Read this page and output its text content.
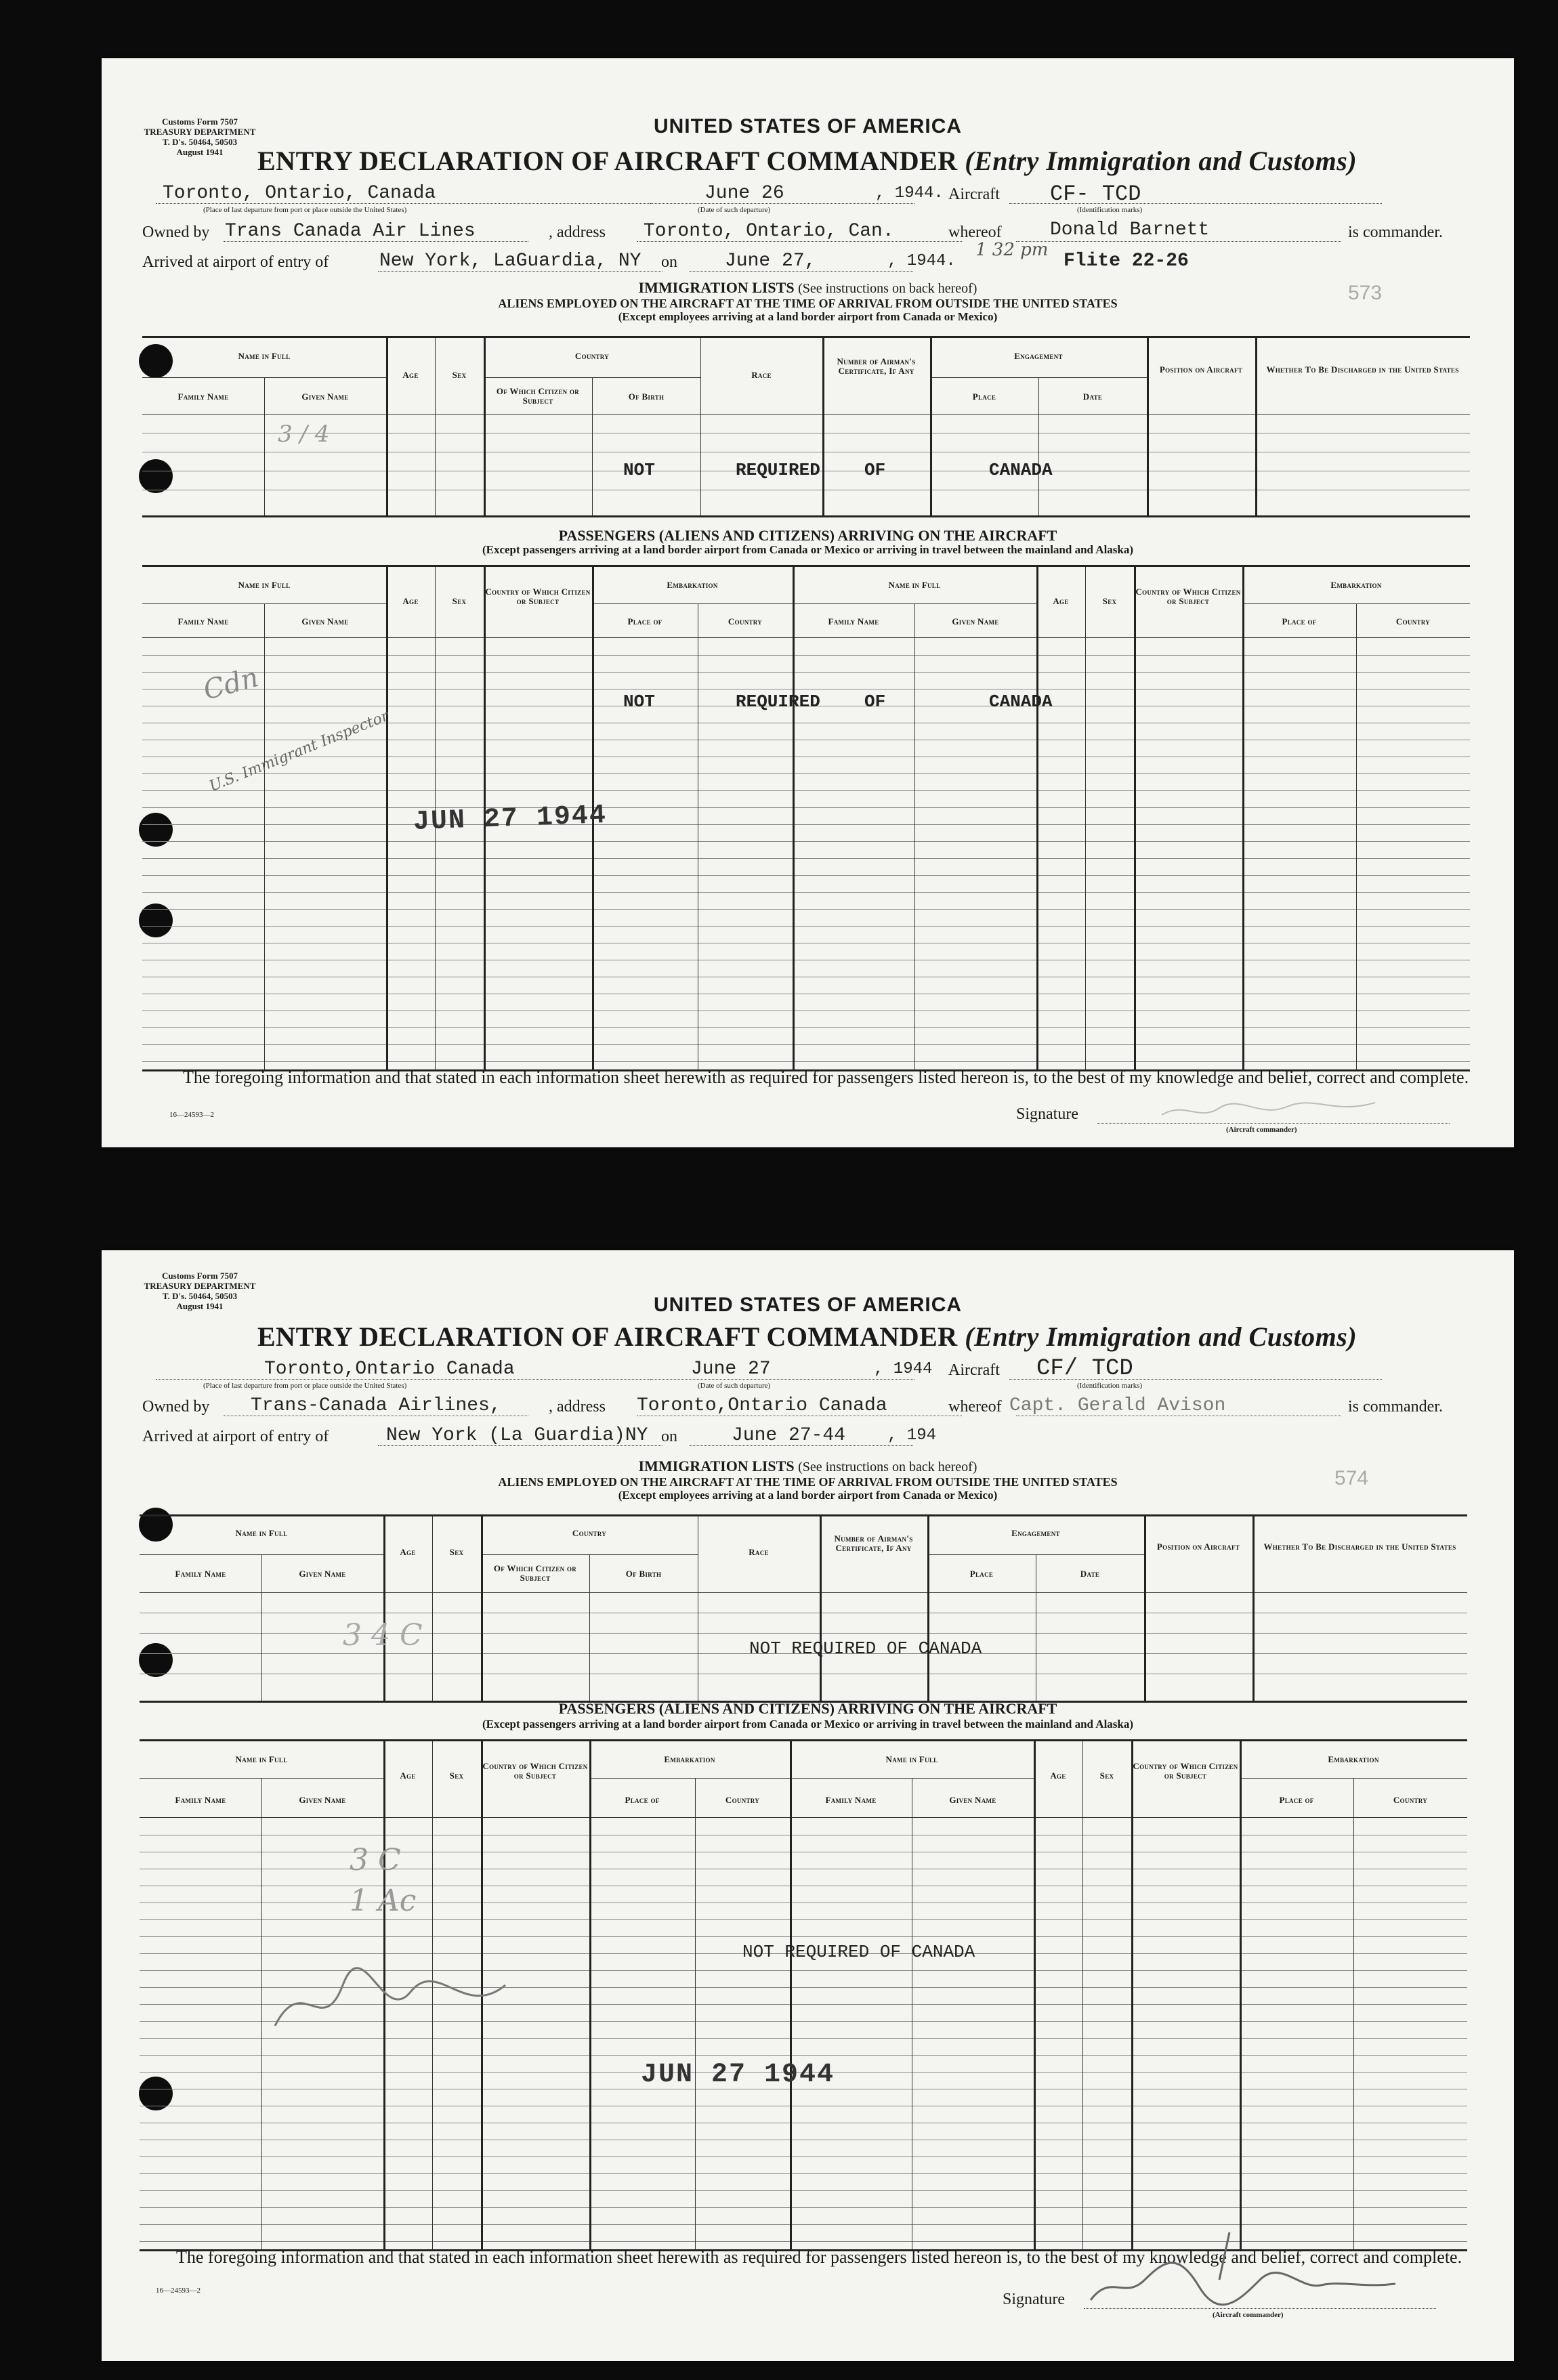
Customs Form 7507
TREASURY DEPARTMENT
T. D's. 50464, 50503
August 1941
UNITED STATES OF AMERICA
ENTRY DECLARATION OF AIRCRAFT COMMANDER (Entry Immigration and Customs)
Toronto, Ontario, Canada
(Place of last departure from port or place outside the United States)
June 26
(Date of such departure)
, 1944. Aircraft CF- TCD
(Identification marks)
Owned by Trans Canada Air Lines	, address Toronto, Ontario, Can.	whereof	Donald Barnett	is commander.
Arrived at airport of entry of	New York, LaGuardia, NY on	June 27,	, 1944.
1 32 pm
Flite 22-26
573
IMMIGRATION LISTS (See instructions on back hereof)
ALIENS EMPLOYED ON THE AIRCRAFT AT THE TIME OF ARRIVAL FROM OUTSIDE THE UNITED STATES
(Except employees arriving at a land border airport from Canada or Mexico)
Name in Full
Family Name	Given Name
Age	Sex
Country
Of Which Citizen or Subject	Of Birth
Race
Number of Airman's Certificate, If Any
Engagement
Place	Date
Position on Aircraft	Whether To Be Discharged in the United States
NOT	REQUIRED	OF	CANADA
3 / 4
PASSENGERS (ALIENS AND CITIZENS) ARRIVING ON THE AIRCRAFT
(Except passengers arriving at a land border airport from Canada or Mexico or arriving in travel between the mainland and Alaska)
Name in Full
Family Name	Given Name
Age	Sex
Country of Which Citizen or Subject
Embarkation
Place of	Country
Name in Full
Family Name	Given Name
Age	Sex
Country of Which Citizen or Subject
Embarkation
Place of	Country
NOT	REQUIRED	OF	CANADA
Cdn
U.S. Immigrant Inspector
JUN 27 1944
The foregoing information and that stated in each information sheet herewith as required for passengers listed hereon is, to the best of my knowledge and belief, correct and complete.
16—24593—2	Signature
(Aircraft commander)
Customs Form 7507
TREASURY DEPARTMENT
T. D's. 50464, 50503
August 1941	UNITED STATES OF AMERICA
ENTRY DECLARATION OF AIRCRAFT COMMANDER (Entry Immigration and Customs)
Toronto,Ontario Canada
(Place of last departure from port or place outside the United States)
June 27
(Date of such departure)
, 1944 Aircraft CF/ TCD
(Identification marks)
Owned by Trans-Canada Airlines,	, address Toronto,Ontario Canada	whereof Capt. Gerald Avison	is commander.
Arrived at airport of entry of	New York (La Guardia)NY on	June 27-44	, 194
574
IMMIGRATION LISTS (See instructions on back hereof)
ALIENS EMPLOYED ON THE AIRCRAFT AT THE TIME OF ARRIVAL FROM OUTSIDE THE UNITED STATES
(Except employees arriving at a land border airport from Canada or Mexico)
Name in Full
Family Name	Given Name
Age	Sex
Country
Of Which Citizen or Subject	Of Birth
Race
Number of Airman's Certificate, If Any
Engagement
Place	Date
Position on Aircraft	Whether To Be Discharged in the United States
NOT REQUIRED OF CANADA
3 4 C
PASSENGERS (ALIENS AND CITIZENS) ARRIVING ON THE AIRCRAFT
(Except passengers arriving at a land border airport from Canada or Mexico or arriving in travel between the mainland and Alaska)
Name in Full
Family Name	Given Name
Age	Sex
Country of Which Citizen or Subject
Embarkation
Place of	Country
Name in Full
Family Name	Given Name
Age	Sex
Country of Which Citizen or Subject
Embarkation
Place of	Country
NOT REQUIRED OF CANADA
3 C
1 Ac
JUN 27 1944
The foregoing information and that stated in each information sheet herewith as required for passengers listed hereon is, to the best of my knowledge and belief, correct and complete.
16—24593—2	Signature
(Aircraft commander)
